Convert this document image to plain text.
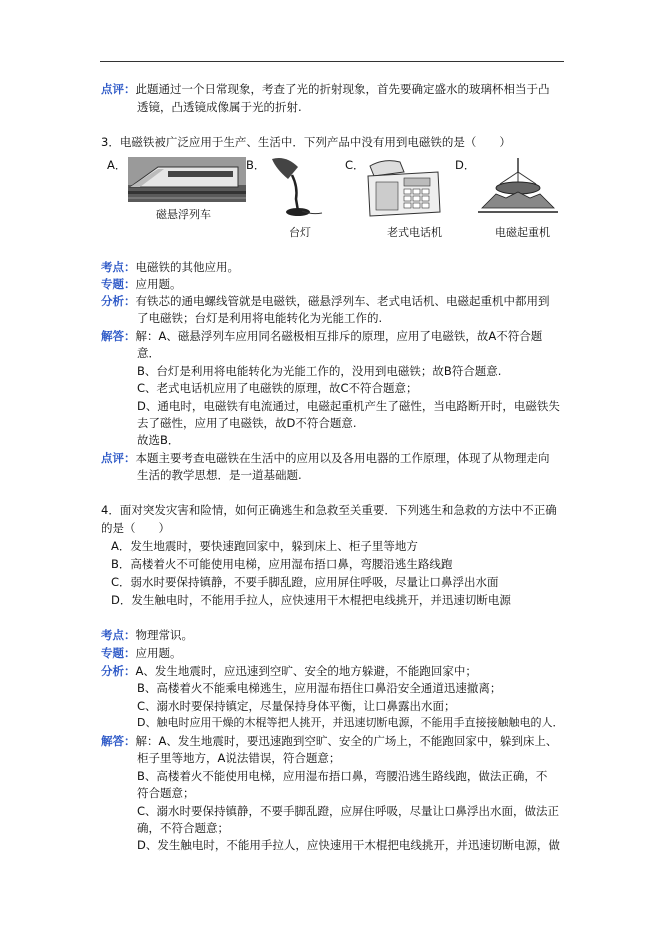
点评：此题通过一个日常现象，考查了光的折射现象，首先要确定盛水的玻璃杯相当于凸
透镜，凸透镜成像属于光的折射.
3．电磁铁被广泛应用于生产、生活中．下列产品中没有用到电磁铁的是（　　）
A．
磁悬浮列车
B．
台灯
C．
老式电话机
D．
电磁起重机
考点：电磁铁的其他应用。
专题：应用题。
分析：有铁芯的通电螺线管就是电磁铁，磁悬浮列车、老式电话机、电磁起重机中都用到
了电磁铁；台灯是利用将电能转化为光能工作的.
解答：解：A、磁悬浮列车应用同名磁极相互排斥的原理，应用了电磁铁，故A不符合题
意．
B、台灯是利用将电能转化为光能工作的，没用到电磁铁；故B符合题意.
C、老式电话机应用了电磁铁的原理，故C不符合题意；
D、通电时，电磁铁有电流通过，电磁起重机产生了磁性，当电路断开时，电磁铁失
去了磁性，应用了电磁铁，故D不符合题意.
故选B．
点评：本题主要考查电磁铁在生活中的应用以及各用电器的工作原理，体现了从物理走向
生活的教学思想．是一道基础题.
4．面对突发灾害和险情，如何正确逃生和急救至关重要．下列逃生和急救的方法中不正确
的是（　　）
A．发生地震时，要快速跑回家中，躲到床上、柜子里等地方
B．高楼着火不可能使用电梯，应用湿布捂口鼻，弯腰沿逃生路线跑
C．弱水时要保持镇静，不要手脚乱蹬，应用屏住呼吸，尽量让口鼻浮出水面
D．发生触电时，不能用手拉人，应快速用干木棍把电线挑开，并迅速切断电源
考点：物理常识。
专题：应用题。
分析：A、发生地震时，应迅速到空旷、安全的地方躲避，不能跑回家中；
B、高楼着火不能乘电梯逃生，应用湿布捂住口鼻沿安全通道迅速撤离；
C、溺水时要保持镇定，尽量保持身体平衡，让口鼻露出水面；
D、触电时应用干燥的木棍等把人挑开，并迅速切断电源，不能用手直接接触触电的人．
解答：解：A、发生地震时，要迅速跑到空旷、安全的广场上，不能跑回家中，躲到床上、
柜子里等地方，A说法错误，符合题意；
B、高楼着火不能使用电梯，应用湿布捂口鼻，弯腰沿逃生路线跑，做法正确，不
符合题意；
C、溺水时要保持镇静，不要手脚乱蹬，应屏住呼吸，尽量让口鼻浮出水面，做法正
确，不符合题意；
D、发生触电时，不能用手拉人，应快速用干木棍把电线挑开，并迅速切断电源，做
